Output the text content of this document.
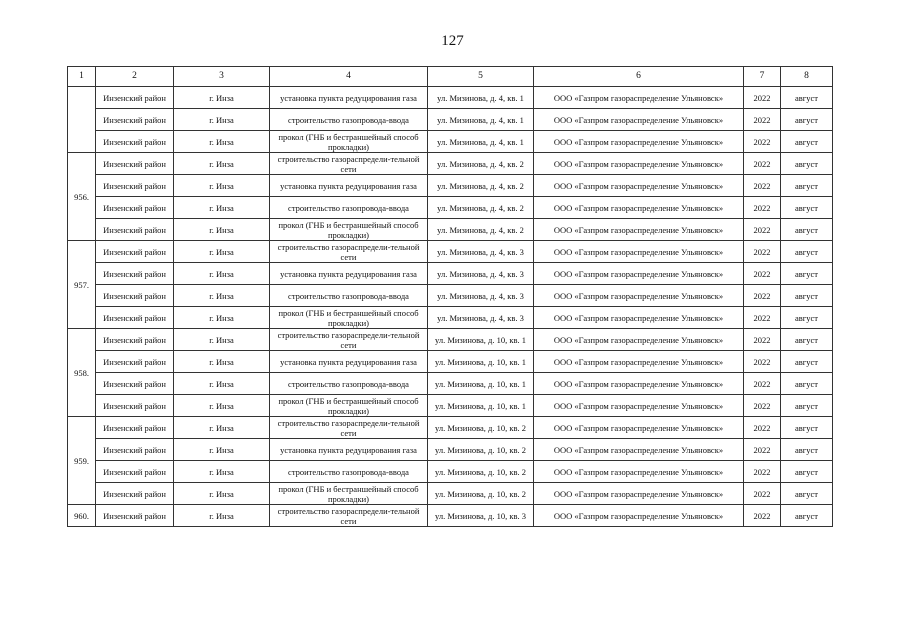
127
1	2	3	4	5	6	7	8
	Инзенский район	г. Инза	установка пункта редуцирования газа	ул. Мизинова, д. 4, кв. 1	ООО «Газпром газораспределение Ульяновск»	2022	август
	Инзенский район	г. Инза	строительство газопровода-ввода	ул. Мизинова, д. 4, кв. 1	ООО «Газпром газораспределение Ульяновск»	2022	август
	Инзенский район	г. Инза	прокол (ГНБ и бестраншейный способ прокладки)	ул. Мизинова, д. 4, кв. 1	ООО «Газпром газораспределение Ульяновск»	2022	август
956.	Инзенский район	г. Инза	строительство газораспредели-тельной сети	ул. Мизинова, д. 4, кв. 2	ООО «Газпром газораспределение Ульяновск»	2022	август
	Инзенский район	г. Инза	установка пункта редуцирования газа	ул. Мизинова, д. 4, кв. 2	ООО «Газпром газораспределение Ульяновск»	2022	август
	Инзенский район	г. Инза	строительство газопровода-ввода	ул. Мизинова, д. 4, кв. 2	ООО «Газпром газораспределение Ульяновск»	2022	август
	Инзенский район	г. Инза	прокол (ГНБ и бестраншейный способ прокладки)	ул. Мизинова, д. 4, кв. 2	ООО «Газпром газораспределение Ульяновск»	2022	август
957.	Инзенский район	г. Инза	строительство газораспредели-тельной сети	ул. Мизинова, д. 4, кв. 3	ООО «Газпром газораспределение Ульяновск»	2022	август
	Инзенский район	г. Инза	установка пункта редуцирования газа	ул. Мизинова, д. 4, кв. 3	ООО «Газпром газораспределение Ульяновск»	2022	август
	Инзенский район	г. Инза	строительство газопровода-ввода	ул. Мизинова, д. 4, кв. 3	ООО «Газпром газораспределение Ульяновск»	2022	август
	Инзенский район	г. Инза	прокол (ГНБ и бестраншейный способ прокладки)	ул. Мизинова, д. 4, кв. 3	ООО «Газпром газораспределение Ульяновск»	2022	август
958.	Инзенский район	г. Инза	строительство газораспредели-тельной сети	ул. Мизинова, д. 10, кв. 1	ООО «Газпром газораспределение Ульяновск»	2022	август
	Инзенский район	г. Инза	установка пункта редуцирования газа	ул. Мизинова, д. 10, кв. 1	ООО «Газпром газораспределение Ульяновск»	2022	август
	Инзенский район	г. Инза	строительство газопровода-ввода	ул. Мизинова, д. 10, кв. 1	ООО «Газпром газораспределение Ульяновск»	2022	август
	Инзенский район	г. Инза	прокол (ГНБ и бестраншейный способ прокладки)	ул. Мизинова, д. 10, кв. 1	ООО «Газпром газораспределение Ульяновск»	2022	август
959.	Инзенский район	г. Инза	строительство газораспредели-тельной сети	ул. Мизинова, д. 10, кв. 2	ООО «Газпром газораспределение Ульяновск»	2022	август
	Инзенский район	г. Инза	установка пункта редуцирования газа	ул. Мизинова, д. 10, кв. 2	ООО «Газпром газораспределение Ульяновск»	2022	август
	Инзенский район	г. Инза	строительство газопровода-ввода	ул. Мизинова, д. 10, кв. 2	ООО «Газпром газораспределение Ульяновск»	2022	август
	Инзенский район	г. Инза	прокол (ГНБ и бестраншейный способ прокладки)	ул. Мизинова, д. 10, кв. 2	ООО «Газпром газораспределение Ульяновск»	2022	август
960.	Инзенский район	г. Инза	строительство газораспредели-тельной сети	ул. Мизинова, д. 10, кв. 3	ООО «Газпром газораспределение Ульяновск»	2022	август
